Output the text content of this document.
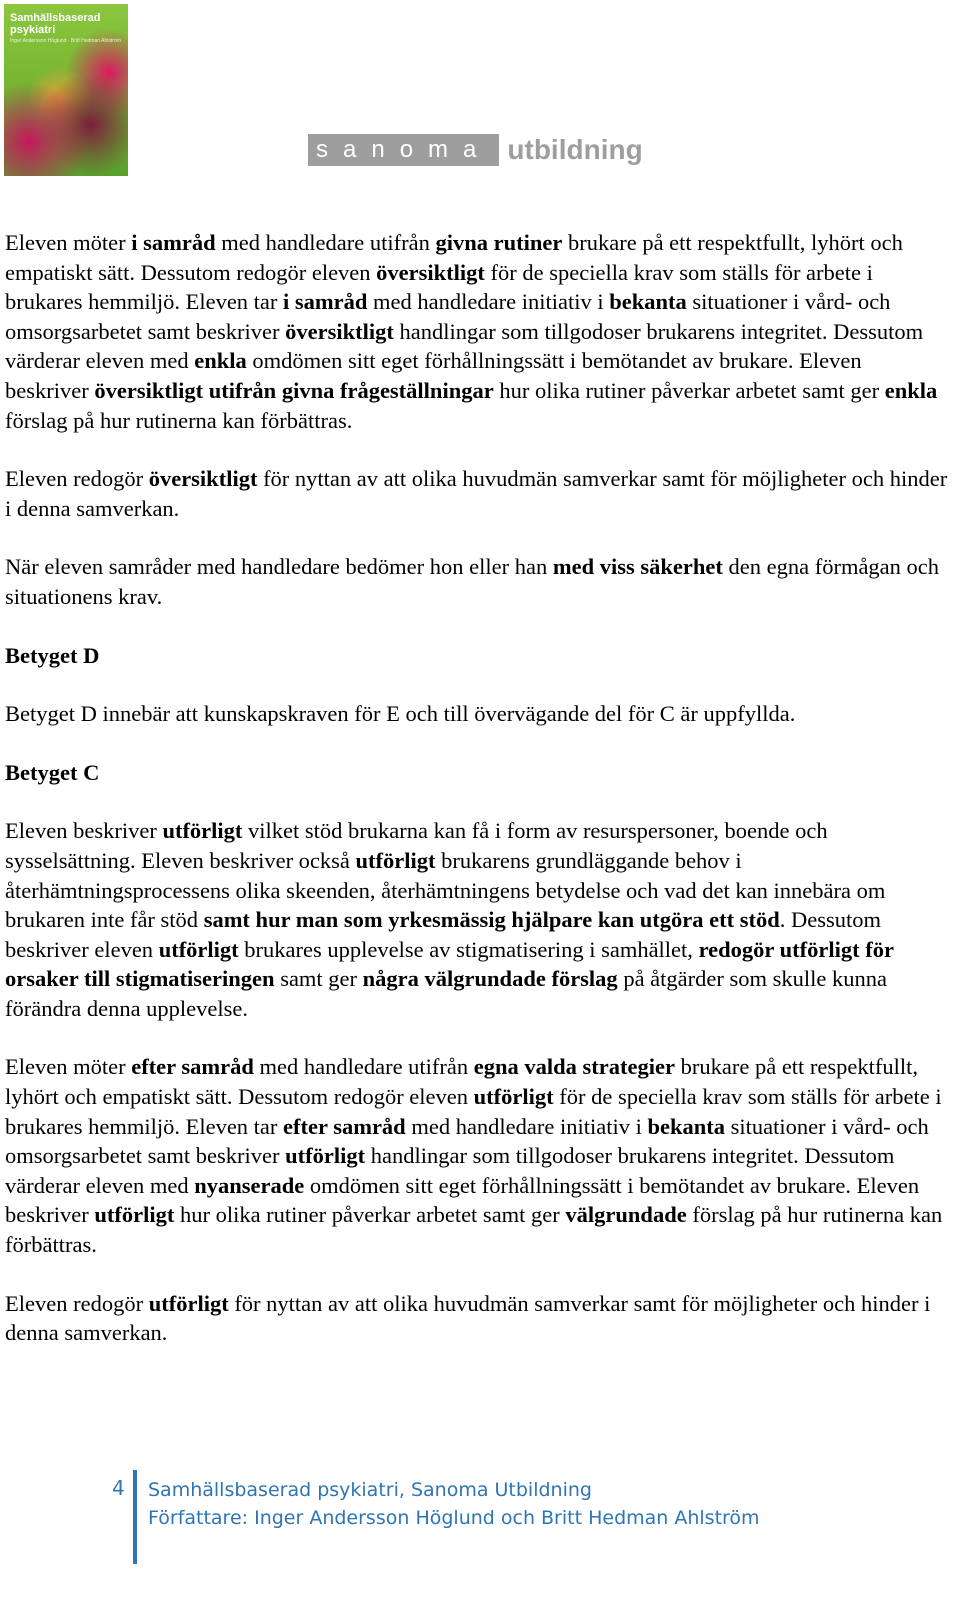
Samhällsbaserad
psykiatri
Inger Andersson Höglund · Britt Hedman Ahlström
sanoma utbildning

Eleven möter i samråd med handledare utifrån givna rutiner brukare på ett respektfullt, lyhört och empatiskt sätt. Dessutom redogör eleven översiktligt för de speciella krav som ställs för arbete i brukares hemmiljö. Eleven tar i samråd med handledare initiativ i bekanta situationer i vård- och omsorgsarbetet samt beskriver översiktligt handlingar som tillgodoser brukarens integritet. Dessutom värderar eleven med enkla omdömen sitt eget förhållningssätt i bemötandet av brukare. Eleven beskriver översiktligt utifrån givna frågeställningar hur olika rutiner påverkar arbetet samt ger enkla förslag på hur rutinerna kan förbättras.

Eleven redogör översiktligt för nyttan av att olika huvudmän samverkar samt för möjligheter och hinder i denna samverkan.

När eleven samråder med handledare bedömer hon eller han med viss säkerhet den egna förmågan och situationens krav.

Betyget D

Betyget D innebär att kunskapskraven för E och till övervägande del för C är uppfyllda.

Betyget C

Eleven beskriver utförligt vilket stöd brukarna kan få i form av resurspersoner, boende och sysselsättning. Eleven beskriver också utförligt brukarens grundläggande behov i återhämtningsprocessens olika skeenden, återhämtningens betydelse och vad det kan innebära om brukaren inte får stöd samt hur man som yrkesmässig hjälpare kan utgöra ett stöd. Dessutom beskriver eleven utförligt brukares upplevelse av stigmatisering i samhället, redogör utförligt för orsaker till stigmatiseringen samt ger några välgrundade förslag på åtgärder som skulle kunna förändra denna upplevelse.

Eleven möter efter samråd med handledare utifrån egna valda strategier brukare på ett respektfullt, lyhört och empatiskt sätt. Dessutom redogör eleven utförligt för de speciella krav som ställs för arbete i brukares hemmiljö. Eleven tar efter samråd med handledare initiativ i bekanta situationer i vård- och omsorgsarbetet samt beskriver utförligt handlingar som tillgodoser brukarens integritet. Dessutom värderar eleven med nyanserade omdömen sitt eget förhållningssätt i bemötandet av brukare. Eleven beskriver utförligt hur olika rutiner påverkar arbetet samt ger välgrundade förslag på hur rutinerna kan förbättras.

Eleven redogör utförligt för nyttan av att olika huvudmän samverkar samt för möjligheter och hinder i denna samverkan.

4 Samhällsbaserad psykiatri, Sanoma Utbildning
Författare: Inger Andersson Höglund och Britt Hedman Ahlström
